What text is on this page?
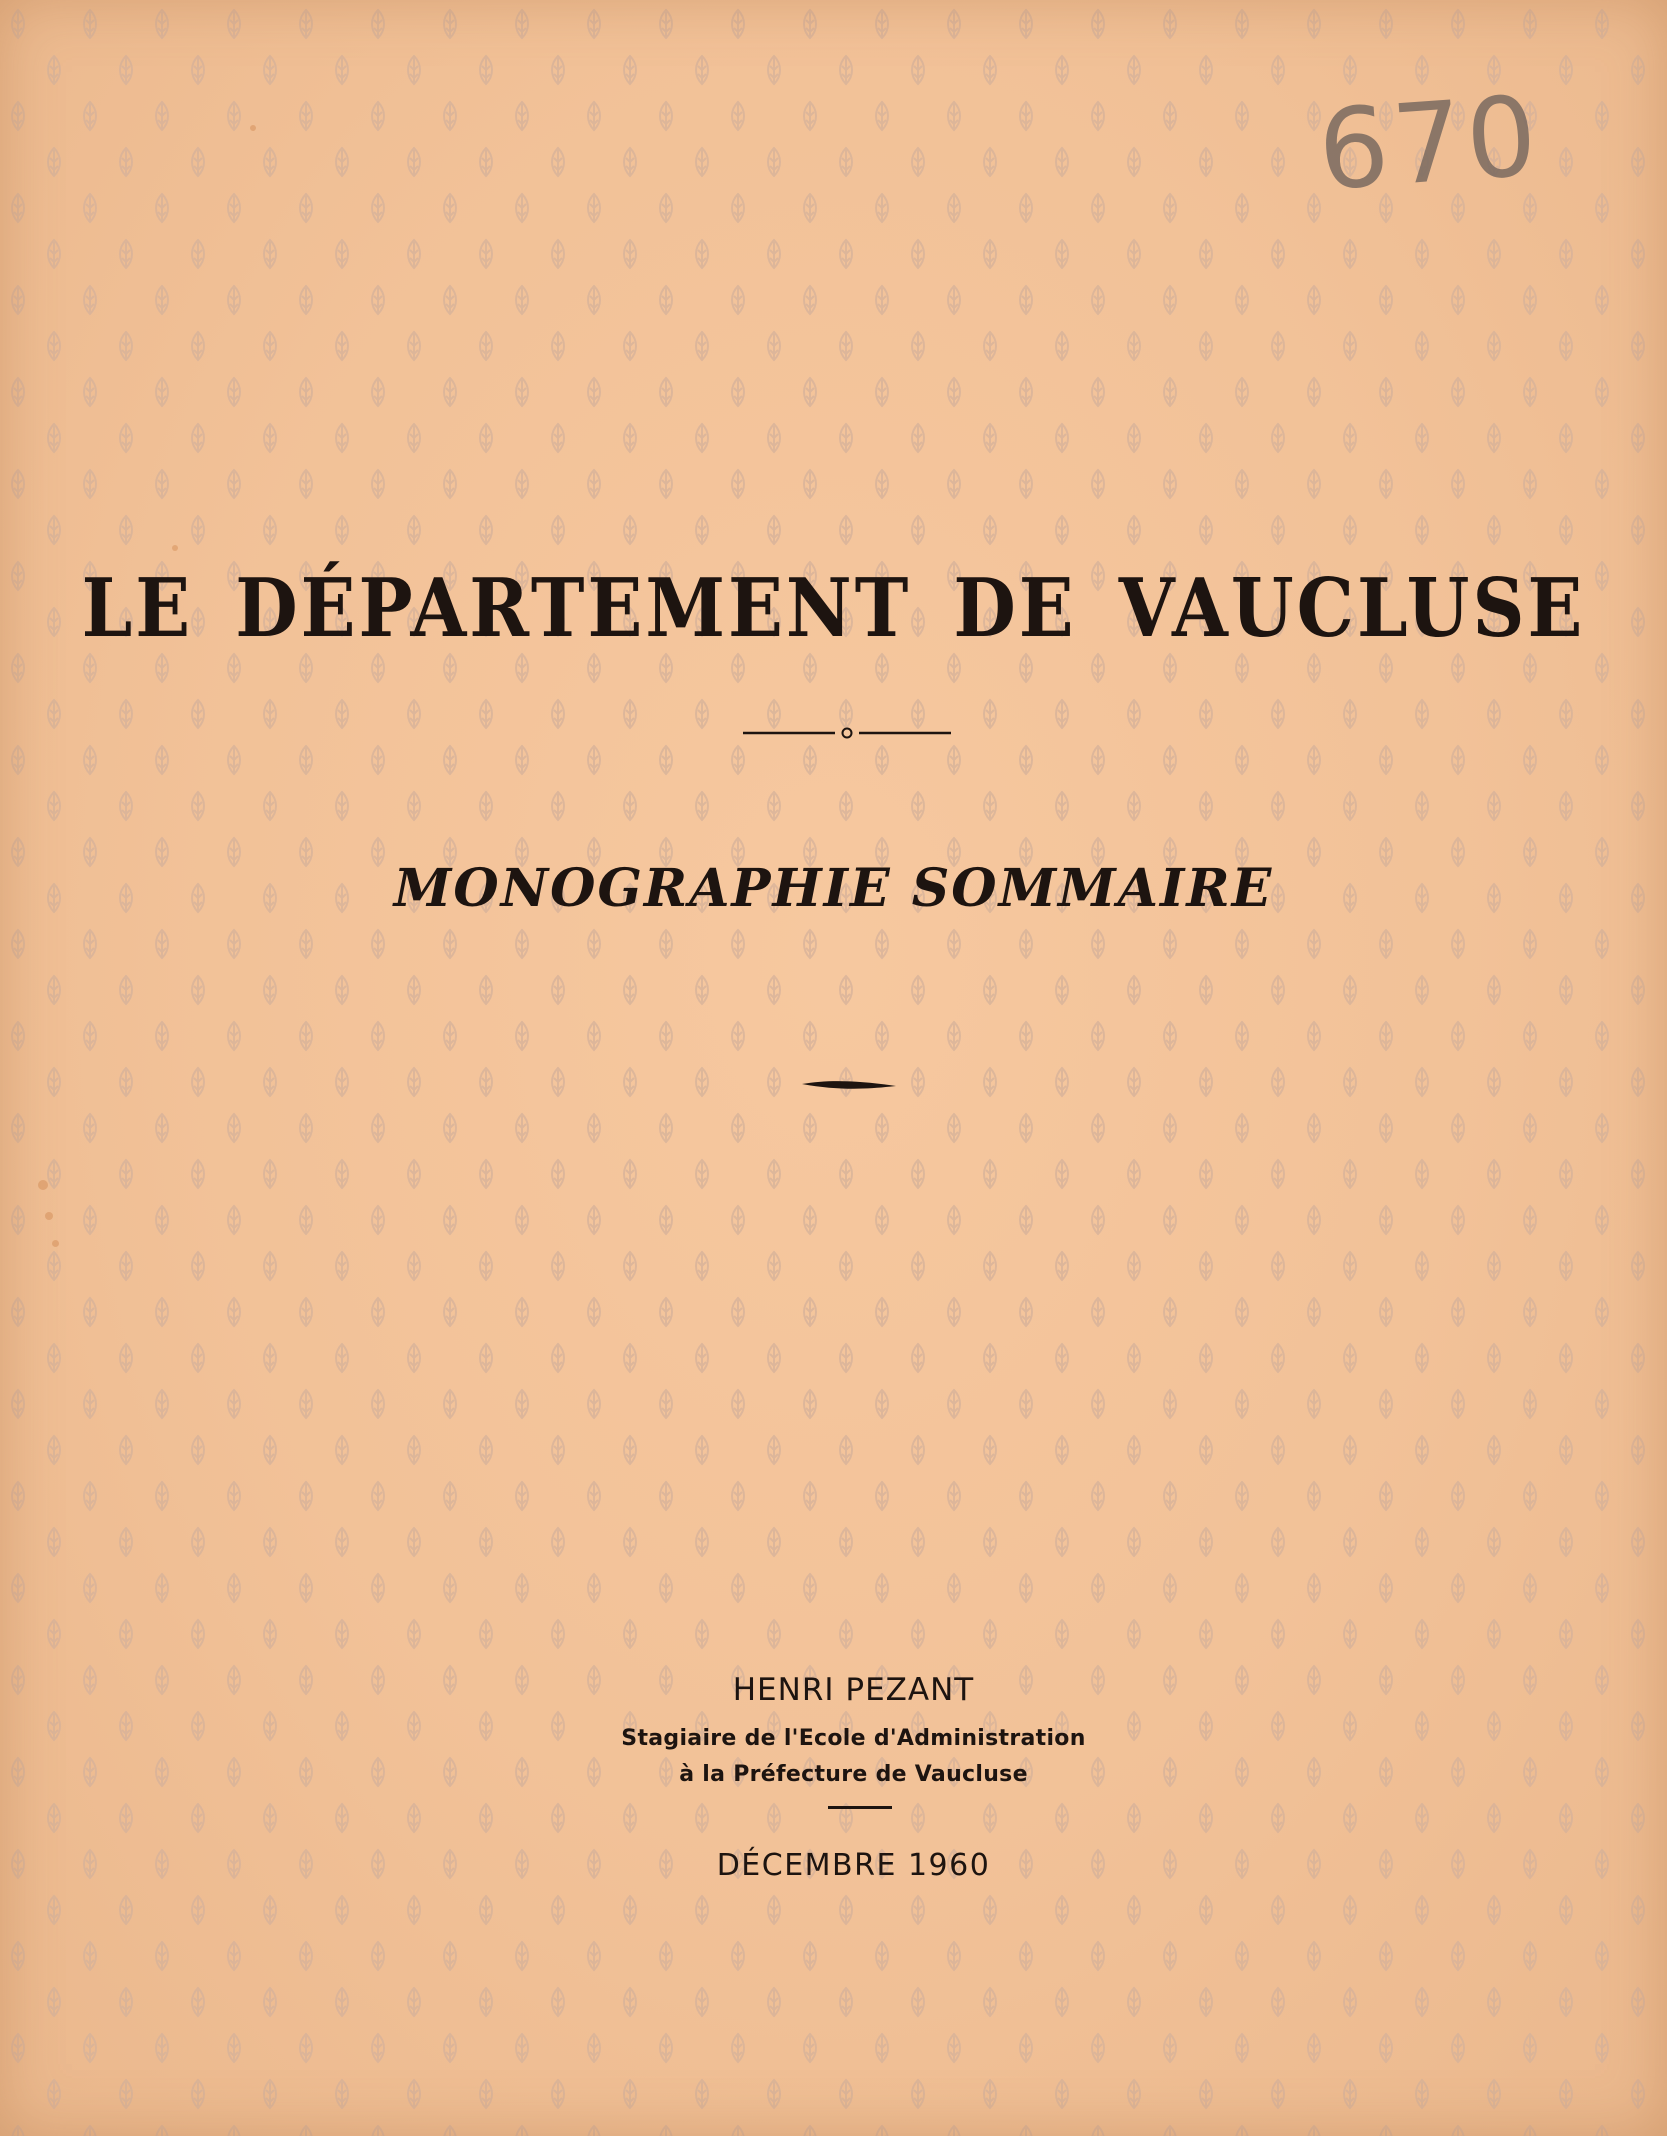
670
LE DÉPARTEMENT DE VAUCLUSE
MONOGRAPHIE SOMMAIRE
HENRI PEZANT
Stagiaire de l'Ecole d'Administration
à la Préfecture de Vaucluse
DÉCEMBRE 1960
